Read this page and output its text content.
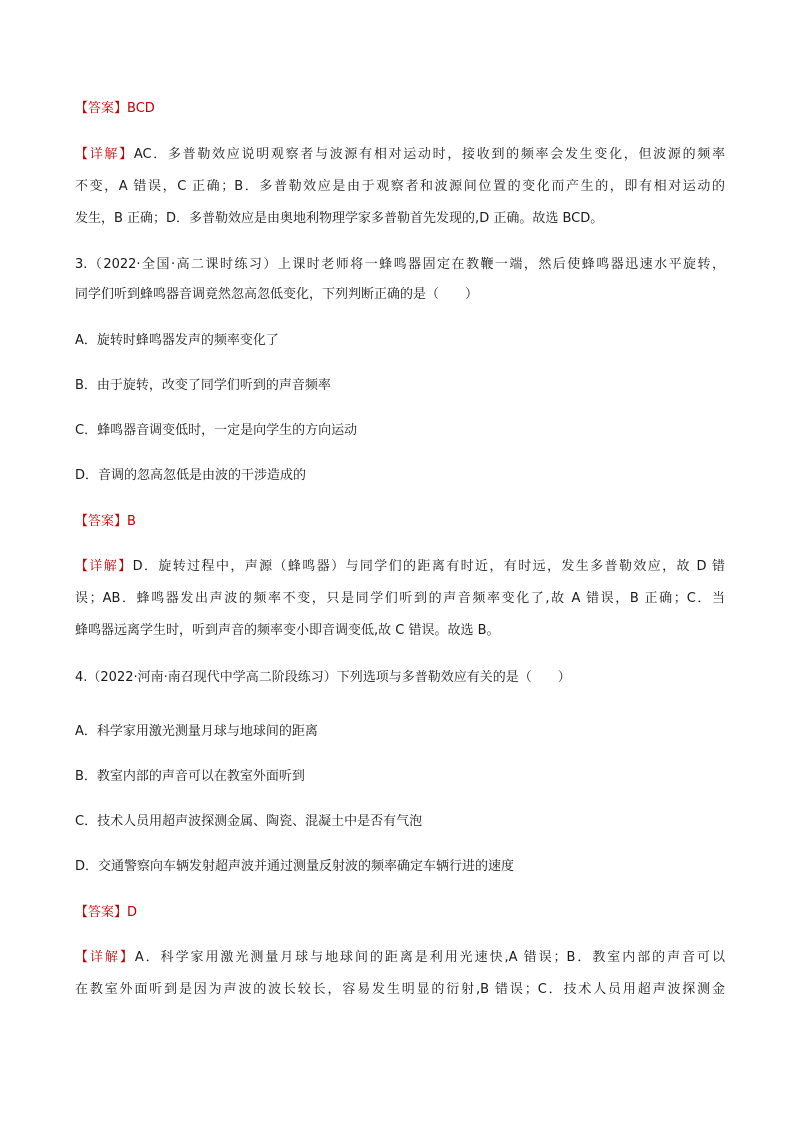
【答案】BCD
【详解】AC．多普勒效应说明观察者与波源有相对运动时，接收到的频率会发生变化，但波源的频率
不变，A 错误，C 正确；B．多普勒效应是由于观察者和波源间位置的变化而产生的，即有相对运动的
发生，B 正确；D．多普勒效应是由奥地利物理学家多普勒首先发现的,D 正确。故选 BCD。
3.（2022·全国·高二课时练习）上课时老师将一蜂鸣器固定在教鞭一端，然后使蜂鸣器迅速水平旋转，
同学们听到蜂鸣器音调竟然忽高忽低变化，下列判断正确的是（　　）
A．旋转时蜂鸣器发声的频率变化了
B．由于旋转，改变了同学们听到的声音频率
C．蜂鸣器音调变低时，一定是向学生的方向运动
D．音调的忽高忽低是由波的干涉造成的
【答案】B
【详解】D．旋转过程中，声源（蜂鸣器）与同学们的距离有时近，有时远，发生多普勒效应，故 D 错
误；AB．蜂鸣器发出声波的频率不变，只是同学们听到的声音频率变化了,故 A 错误，B 正确；C．当
蜂鸣器远离学生时，听到声音的频率变小即音调变低,故 C 错误。故选 B。
4.（2022·河南·南召现代中学高二阶段练习）下列选项与多普勒效应有关的是（　　）
A．科学家用激光测量月球与地球间的距离
B．教室内部的声音可以在教室外面听到
C．技术人员用超声波探测金属、陶瓷、混凝土中是否有气泡
D．交通警察向车辆发射超声波并通过测量反射波的频率确定车辆行进的速度
【答案】D
【详解】A．科学家用激光测量月球与地球间的距离是利用光速快,A 错误；B．教室内部的声音可以
在教室外面听到是因为声波的波长较长，容易发生明显的衍射,B 错误；C．技术人员用超声波探测金
